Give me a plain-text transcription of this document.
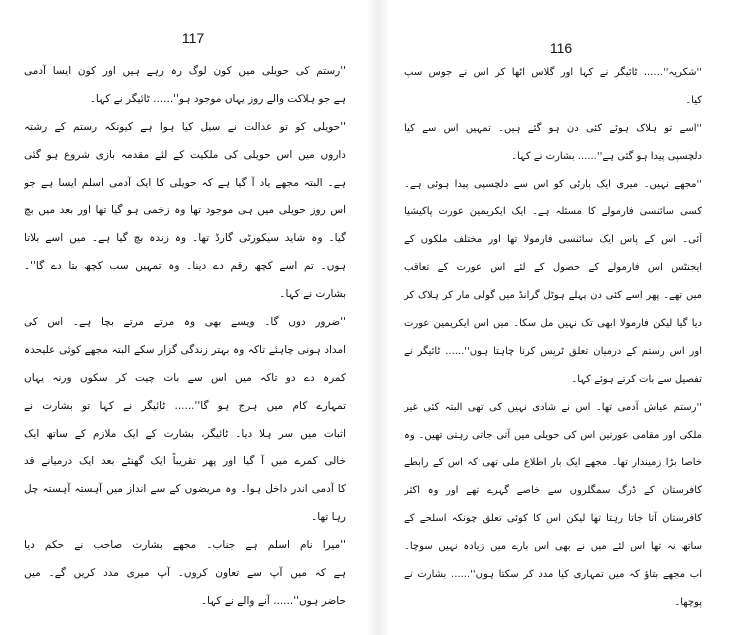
117
''رستم کی حویلی میں کون لوگ رہ رہے ہیں اور کون ایسا آدمی
ہے جو ہلاکت والے روز یہاں موجود ہو''...... ٹائیگر نے کہا۔
''حویلی کو تو عدالت نے سیل کیا ہوا ہے کیونکہ رستم کے رشتہ
داروں میں اس حویلی کی ملکیت کے لئے مقدمہ بازی شروع ہو گئی
ہے۔ البتہ مجھے یاد آ گیا ہے کہ حویلی کا ایک آدمی اسلم ایسا ہے جو
اس روز حویلی میں ہی موجود تھا وہ زخمی ہو گیا تھا اور بعد میں بچ
گیا۔ وہ شاید سیکورٹی گارڈ تھا۔ وہ زندہ بچ گیا ہے۔ میں اسے بلاتا
ہوں۔ تم اسے کچھ رقم دے دینا۔ وہ تمہیں سب کچھ بتا دے گا''۔
بشارت نے کہا۔
''ضرور دوں گا۔ ویسے بھی وہ مرتے مرتے بچا ہے۔ اس کی
امداد ہونی چاہئے تاکہ وہ بہتر زندگی گزار سکے البتہ مجھے کوئی علیحدہ
کمرہ دے دو تاکہ میں اس سے بات چیت کر سکوں ورنہ یہاں
تمہارے کام میں ہرج ہو گا''...... ٹائیگر نے کہا تو بشارت نے
اثبات میں سر ہلا دیا۔ ٹائیگر، بشارت کے ایک ملازم کے ساتھ ایک
خالی کمرے میں آ گیا اور پھر تقریباً ایک گھنٹے بعد ایک درمیانے قد
کا آدمی اندر داخل ہوا۔ وہ مریضوں کے سے انداز میں آہستہ آہستہ چل
رہا تھا۔
''میرا نام اسلم ہے جناب۔ مجھے بشارت صاحب نے حکم دیا
ہے کہ میں آپ سے تعاون کروں۔ آپ میری مدد کریں گے۔ میں
حاضر ہوں''...... آنے والے نے کہا۔
116
''شکریہ''...... ٹائیگر نے کہا اور گلاس اٹھا کر اس نے جوس سپ
کیا۔
''اسے تو ہلاک ہوئے کئی دن ہو گئے ہیں۔ تمہیں اس سے کیا
دلچسپی پیدا ہو گئی ہے''...... بشارت نے کہا۔
''مجھے نہیں۔ میری ایک پارٹی کو اس سے دلچسپی پیدا ہوئی ہے۔
کسی سائنسی فارمولے کا مسئلہ ہے۔ ایک ایکریمین عورت پاکیشیا
آئی۔ اس کے پاس ایک سائنسی فارمولا تھا اور مختلف ملکوں کے
ایجنٹس اس فارمولے کے حصول کے لئے اس عورت کے تعاقب
میں تھے۔ پھر اسے کئی دن پہلے ہوٹل گرانڈ میں گولی مار کر ہلاک کر
دیا گیا لیکن فارمولا ابھی تک نہیں مل سکا۔ میں اس ایکریمین عورت
اور اس رستم کے درمیان تعلق ٹریس کرنا چاہتا ہوں''...... ٹائیگر نے
تفصیل سے بات کرتے ہوئے کہا۔
''رستم عیاش آدمی تھا۔ اس نے شادی نہیں کی تھی البتہ کئی غیر
ملکی اور مقامی عورتیں اس کی حویلی میں آتی جاتی رہتی تھیں۔ وہ
خاصا بڑا زمیندار تھا۔ مجھے ایک بار اطلاع ملی تھی کہ اس کے رابطے
کافرستان کے ڈرگ سمگلروں سے خاصے گہرے تھے اور وہ اکثر
کافرستان آتا جاتا رہتا تھا لیکن اس کا کوئی تعلق چونکہ اسلحے کے
ساتھ نہ تھا اس لئے میں نے بھی اس بارے میں زیادہ نہیں سوچا۔
اب مجھے بتاؤ کہ میں تمہاری کیا مدد کر سکتا ہوں''...... بشارت نے
پوچھا۔
